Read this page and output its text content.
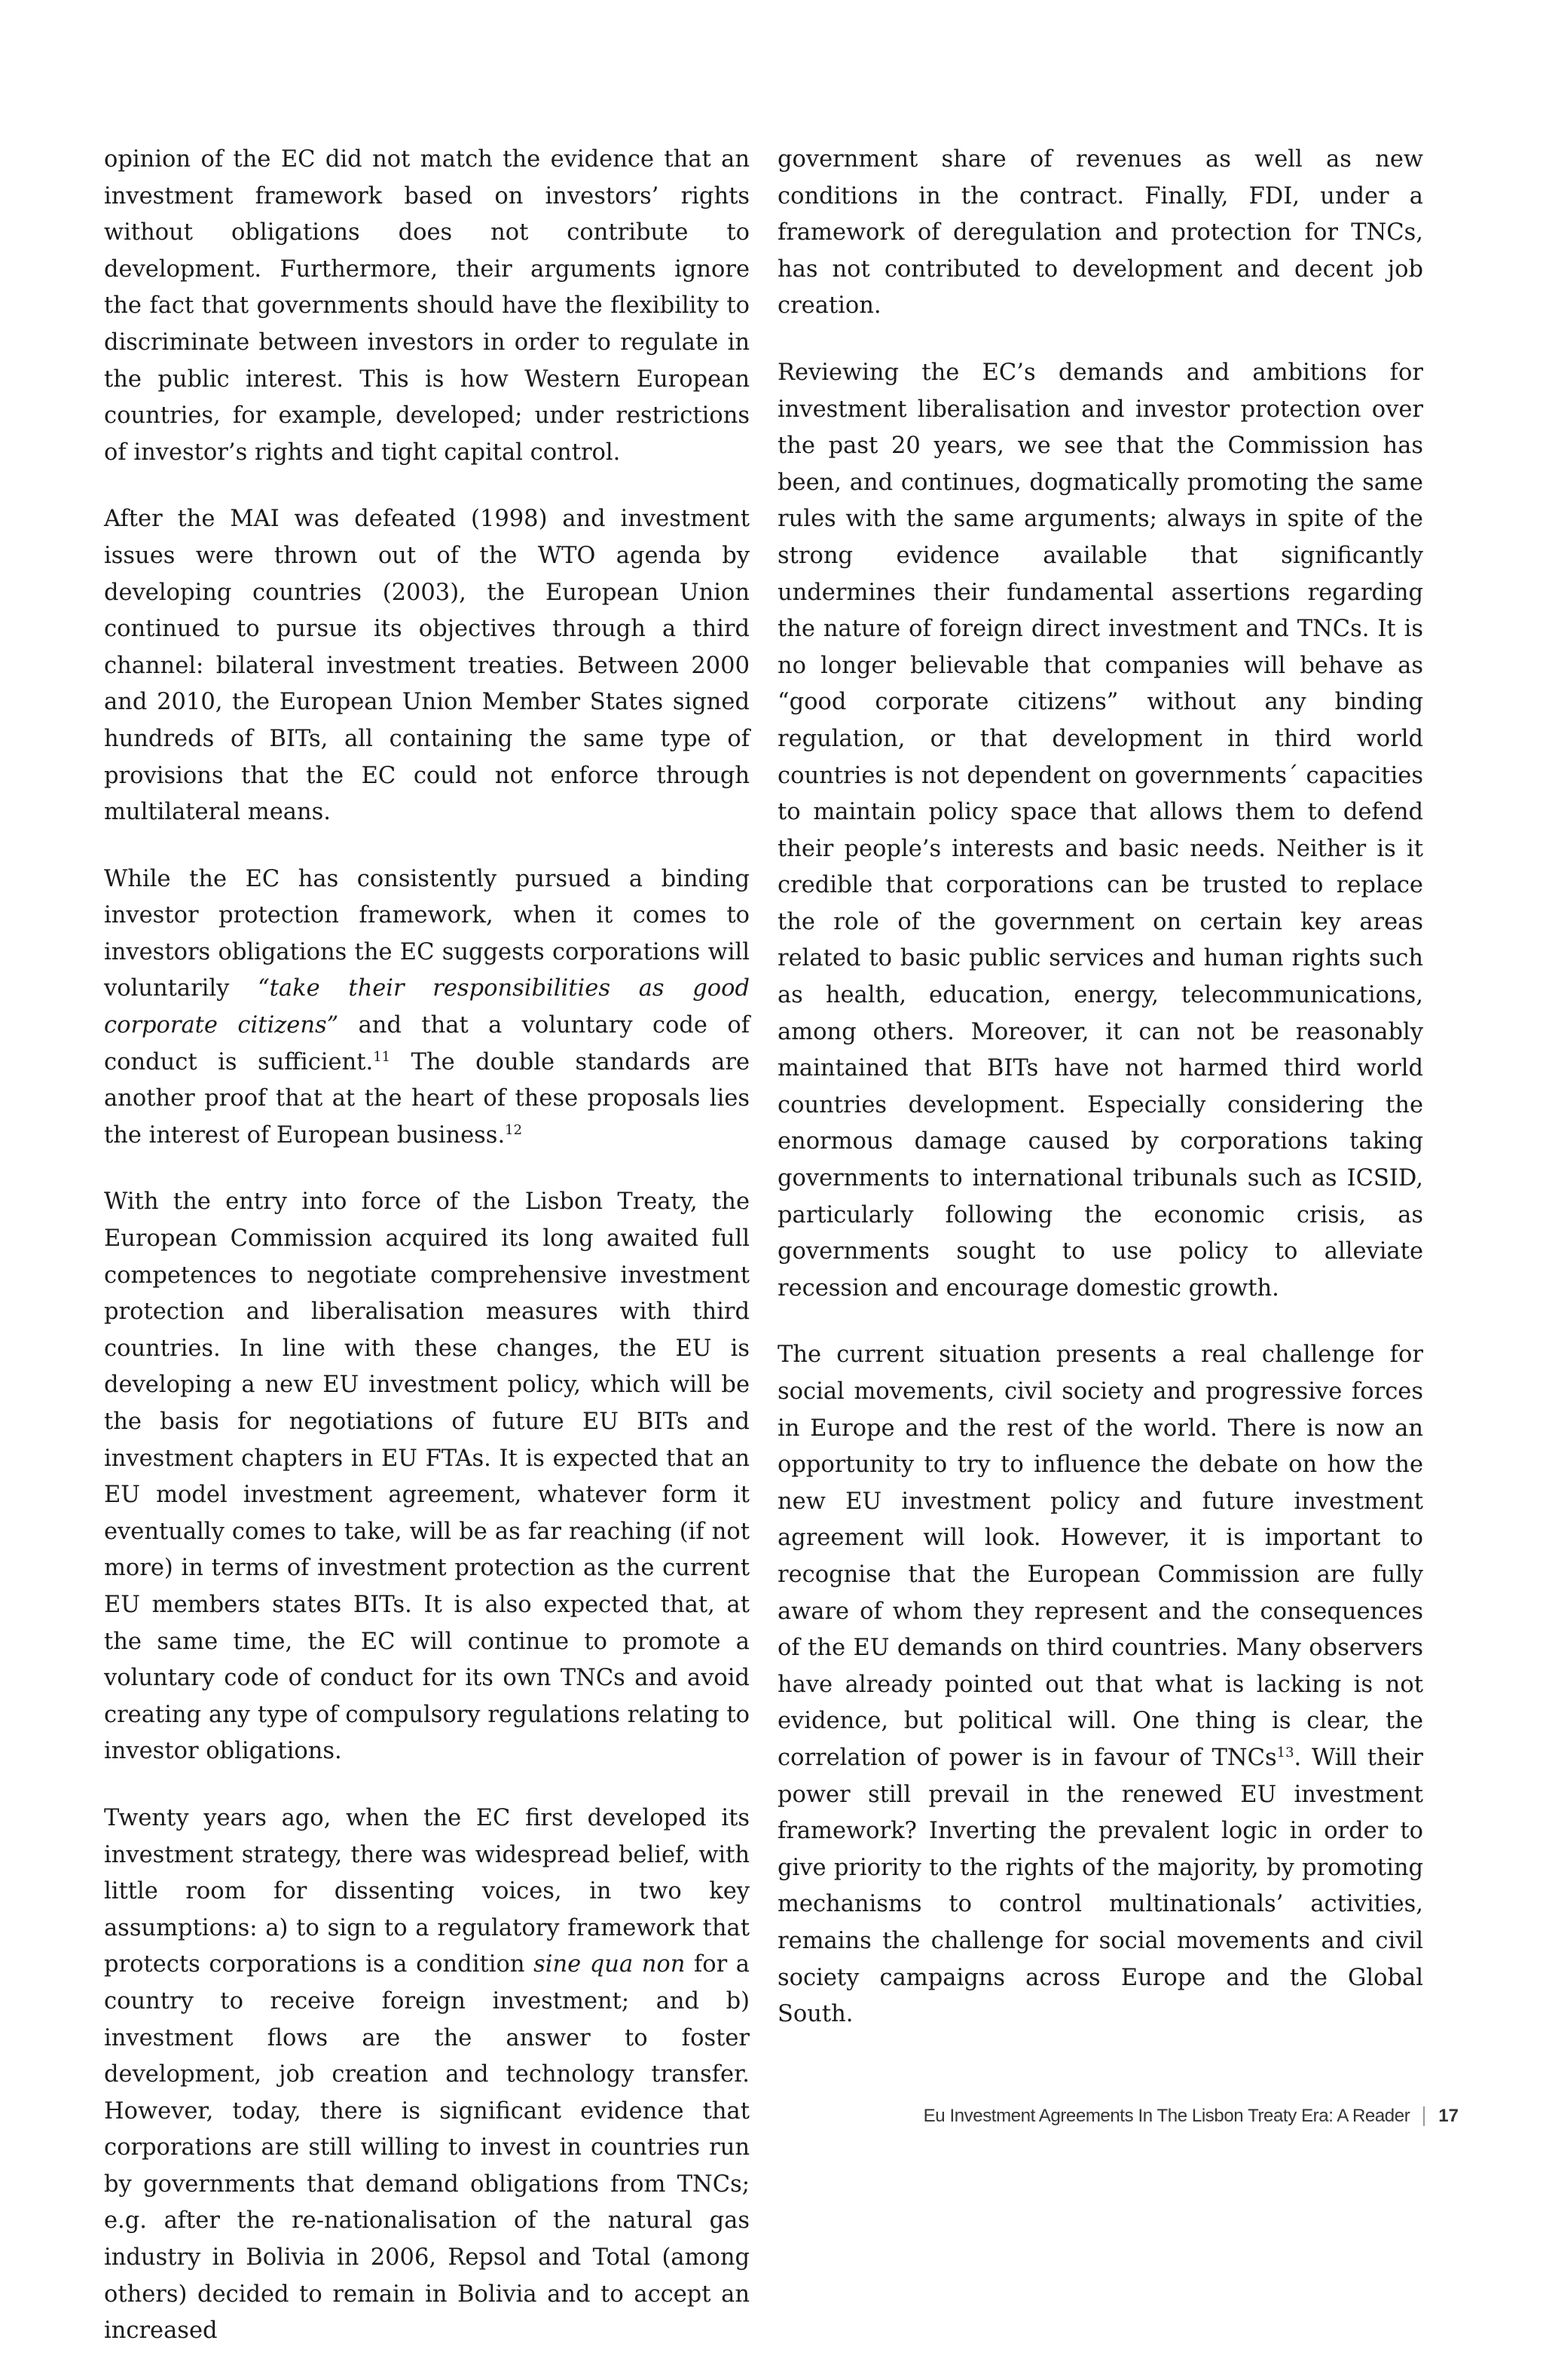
opinion of the EC did not match the evidence that an investment framework based on investors’ rights without obligations does not contribute to development. Furthermore, their arguments ignore the fact that governments should have the flexibility to discriminate between investors in order to regulate in the public interest. This is how Western European countries, for example, developed; under restrictions of investor’s rights and tight capital control.

After the MAI was defeated (1998) and investment issues were thrown out of the WTO agenda by developing countries (2003), the European Union continued to pursue its objectives through a third channel: bilateral investment treaties. Between 2000 and 2010, the European Union Member States signed hundreds of BITs, all containing the same type of provisions that the EC could not enforce through multilateral means.

While the EC has consistently pursued a binding investor protection framework, when it comes to investors obligations the EC suggests corporations will voluntarily “take their responsibilities as good corporate citizens” and that a voluntary code of conduct is sufficient.$^{11}$ The double standards are another proof that at the heart of these proposals lies the interest of European business.$^{12}$

With the entry into force of the Lisbon Treaty, the European Commission acquired its long awaited full competences to negotiate comprehensive investment protection and liberalisation measures with third countries. In line with these changes, the EU is developing a new EU investment policy, which will be the basis for negotiations of future EU BITs and investment chapters in EU FTAs. It is expected that an EU model investment agreement, whatever form it eventually comes to take, will be as far reaching (if not more) in terms of investment protection as the current EU members states BITs. It is also expected that, at the same time, the EC will continue to promote a voluntary code of conduct for its own TNCs and avoid creating any type of compulsory regulations relating to investor obligations.

Twenty years ago, when the EC first developed its investment strategy, there was widespread belief, with little room for dissenting voices, in two key assumptions: a) to sign to a regulatory framework that protects corporations is a condition sine qua non for a country to receive foreign investment; and b) investment flows are the answer to foster development, job creation and technology transfer. However, today, there is significant evidence that corporations are still willing to invest in countries run by governments that demand obligations from TNCs; e.g. after the re-nationalisation of the natural gas industry in Bolivia in 2006, Repsol and Total (among others) decided to remain in Bolivia and to accept an increased

government share of revenues as well as new conditions in the contract. Finally, FDI, under a framework of deregulation and protection for TNCs, has not contributed to development and decent job creation.

Reviewing the EC’s demands and ambitions for investment liberalisation and investor protection over the past 20 years, we see that the Commission has been, and continues, dogmatically promoting the same rules with the same arguments; always in spite of the strong evidence available that significantly undermines their fundamental assertions regarding the nature of foreign direct investment and TNCs. It is no longer believable that companies will behave as “good corporate citizens” without any binding regulation, or that development in third world countries is not dependent on governments´ capacities to maintain policy space that allows them to defend their people’s interests and basic needs. Neither is it credible that corporations can be trusted to replace the role of the government on certain key areas related to basic public services and human rights such as health, education, energy, telecommunications, among others. Moreover, it can not be reasonably maintained that BITs have not harmed third world countries development. Especially considering the enormous damage caused by corporations taking governments to international tribunals such as ICSID, particularly following the economic crisis, as governments sought to use policy to alleviate recession and encourage domestic growth.

The current situation presents a real challenge for social movements, civil society and progressive forces in Europe and the rest of the world. There is now an opportunity to try to influence the debate on how the new EU investment policy and future investment agreement will look. However, it is important to recognise that the European Commission are fully aware of whom they represent and the consequences of the EU demands on third countries. Many observers have already pointed out that what is lacking is not evidence, but political will. One thing is clear, the correlation of power is in favour of TNCs$^{13}$. Will their power still prevail in the renewed EU investment framework? Inverting the prevalent logic in order to give priority to the rights of the majority, by promoting mechanisms to control multinationals’ activities, remains the challenge for social movements and civil society campaigns across Europe and the Global South.

Eu Investment Agreements In The Lisbon Treaty Era: A Reader 17
